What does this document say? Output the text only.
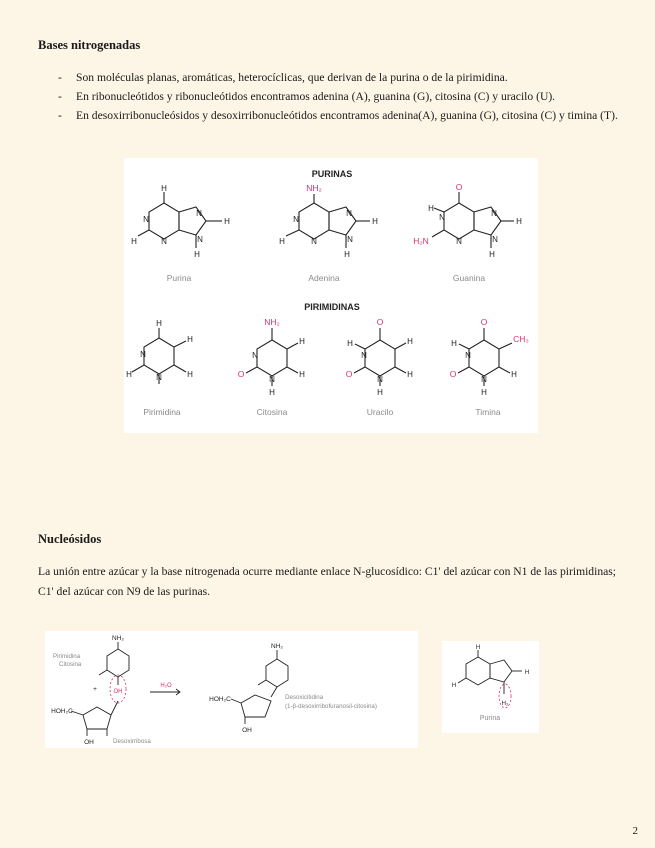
Bases nitrogenadas
- Son moléculas planas, aromáticas, heterocíclicas, que derivan de la purina o de la pirimidina.
- En ribonucleótidos y ribonucleótidos encontramos adenina (A), guanina (G), citosina (C) y uracilo (U).
- En desoxirribonucleósidos y desoxirribonucleótidos encontramos adenina(A), guanina (G), citosina (C) y timina (T).
PURINAS
PIRIMIDINAS
H
N
N
N
N
H
H
H
N
N
N
N
H
H
H
N
N
N
N
H
H
H
H
N
N
H
H
H
N
N
H
H
H
N
N
H	H
H
H
N
N
H
H
H
NH₂	O
H₂N
NH₂
O
O
O
O
O
CH₃
Purina	Adenina	Guanina
Pirimidina	Citosina	Uracilo	Timina
Nucleósidos
La unión entre azúcar y la base nitrogenada ocurre mediante enlace N-glucosídico: C1' del azúcar con N1 de las pirimidinas; C1' del azúcar con N9 de las purinas.
NH₂
+
HOH₂C
OH
NH₂
HOH₂C
OH
OH
H₂O
Pirimidina
Citosina
Desoxirribosa
Desoxicitidina
(1-β-desoxirribofuranosil-citosina)
H
H
H
H₂
Purina
2
